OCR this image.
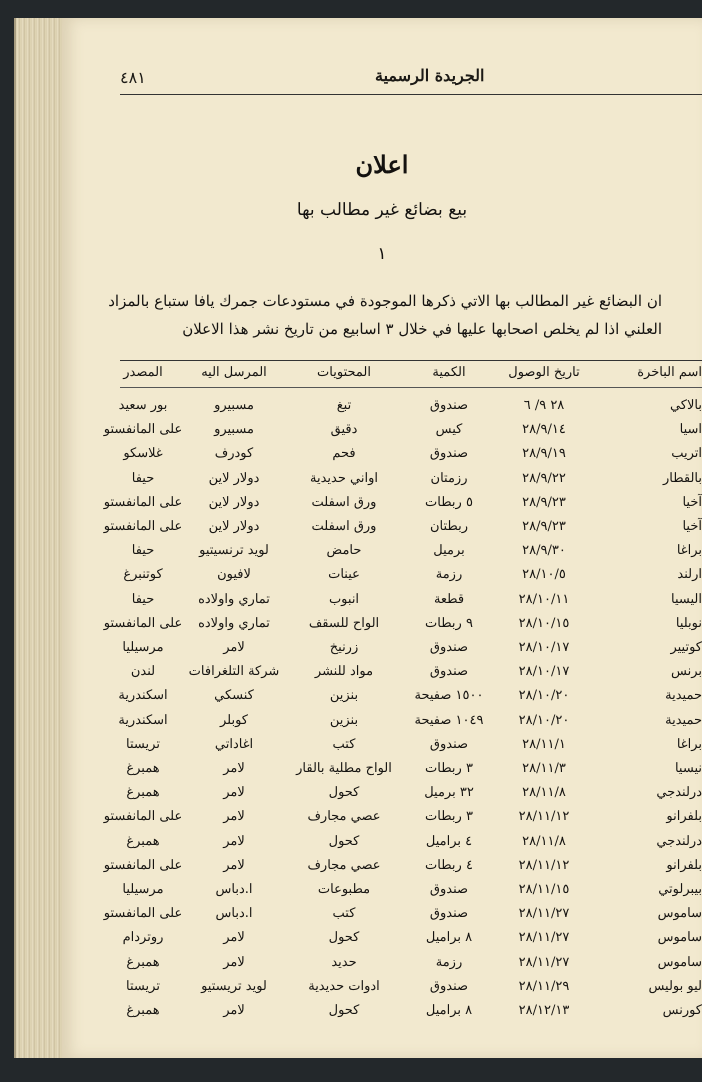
٤٨١	الجريدة الرسمية
اعلان
بيع بضائع غير مطالب بها
١
ان البضائع غير المطالب بها الاتي ذكرها الموجودة في مستودعات جمرك يافا ستباع بالمزاد
العلني اذا لم يخلص اصحابها عليها في خلال ٣ اسابيع من تاريخ نشر هذا الاعلان
اسم الباخرة
تاريخ الوصول
الكمية
المحتويات
المرسل اليه
المصدر
بالاكي
٢٨ ٩/ ٦
صندوق
تبغ
مسبيرو
بور سعيد
اسيا
٢٨/٩/١٤
كيس
دقيق
مسبيرو
على المانفستو
اتريب
٢٨/٩/١٩
صندوق
فحم
كودرف
غلاسكو
بالقطار
٢٨/٩/٢٢
رزمتان
اواني حديدية
دولار لاين
حيفا
آخيا
٢٨/٩/٢٣
٥ ربطات
ورق اسفلت
دولار لاين
على المانفستو
آخيا
٢٨/٩/٢٣
ربطتان
ورق اسفلت
دولار لاين
على المانفستو
براغا
٢٨/٩/٣٠
برميل
حامض
لويد ترنسيتيو
حيفا
ارلند
٢٨/١٠/٥
رزمة
عينات
لافيون
كوتنبرغ
اليسيا
٢٨/١٠/١١
قطعة
انبوب
تماري واولاده
حيفا
نوبليا
٢٨/١٠/١٥
٩ ربطات
الواح للسقف
تماري واولاده
على المانفستو
كوتيير
٢٨/١٠/١٧
صندوق
زرنيخ
لامر
مرسيليا
برنس
٢٨/١٠/١٧
صندوق
مواد للنشر
شركة التلغرافات
لندن
حميدية
٢٨/١٠/٢٠
١٥٠٠ صفيحة
بنزين
كنسكي
اسكندرية
حميدية
٢٨/١٠/٢٠
١٠٤٩ صفيحة
بنزين
كوبلر
اسكندرية
براغا
٢٨/١١/١
صندوق
كتب
اغاداتي
تريستا
نيسيا
٢٨/١١/٣
٣ ربطات
الواح مطلية بالقار
لامر
همبرغ
درلندجي
٢٨/١١/٨
٣٢ برميل
كحول
لامر
همبرغ
بلفرانو
٢٨/١١/١٢
٣ ربطات
عصي مجارف
لامر
على المانفستو
درلندجي
٢٨/١١/٨
٤ براميل
كحول
لامر
همبرغ
بلفرانو
٢٨/١١/١٢
٤ ربطات
عصي مجارف
لامر
على المانفستو
بيبرلوتي
٢٨/١١/١٥
صندوق
مطبوعات
ا.دباس
مرسيليا
ساموس
٢٨/١١/٢٧
صندوق
كتب
ا.دباس
على المانفستو
ساموس
٢٨/١١/٢٧
٨ براميل
كحول
لامر
روتردام
ساموس
٢٨/١١/٢٧
رزمة
حديد
لامر
همبرغ
ليو بوليس
٢٨/١١/٢٩
صندوق
ادوات حديدية
لويد تريستيو
تريستا
كورنس
٢٨/١٢/١٣
٨ براميل
كحول
لامر
همبرغ
